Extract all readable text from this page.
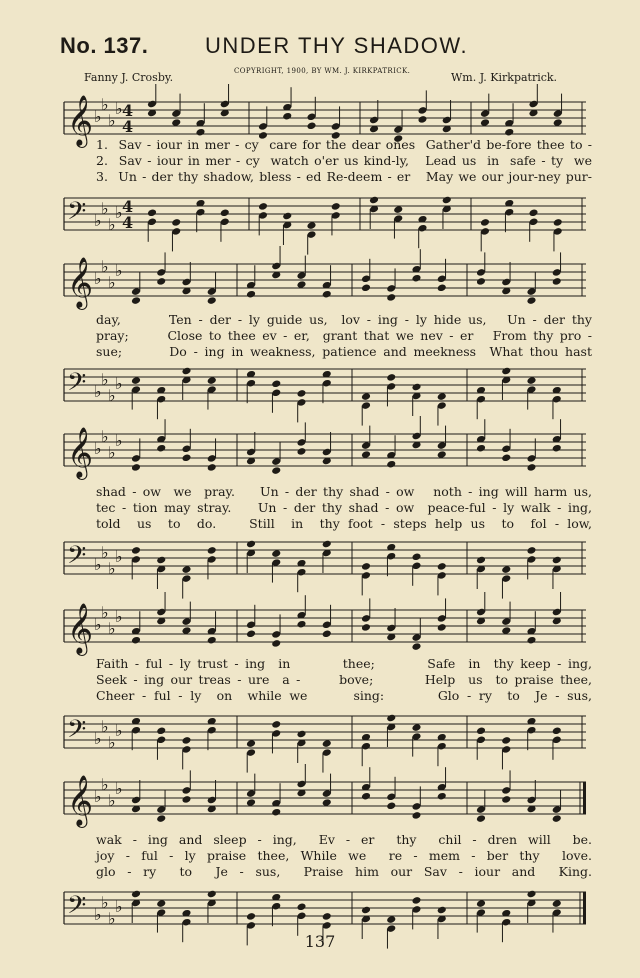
No. 137.	UNDER THY SHADOW.
Fanny J. Crosby.	COPYRIGHT, 1900, BY WM. J. KIRKPATRICK.	Wm. J. Kirkpatrick.
𝄞 ♭
♭
♭
♭ 4
4
1.  Sav - iour in mer - cy  care for the dear ones  Gather'd be-fore thee to -
2.  Sav - iour in mer - cy  watch o'er us kind-ly,   Lead us  in  safe - ty  we
3.  Un - der thy shadow, bless - ed Re-deem - er   May we our jour-ney pur-
𝄢 ♭
♭
♭
♭ 4
4
𝄞 ♭
♭
♭
♭
day,       Ten - der - ly guide us,  lov - ing - ly hide us,   Un - der thy
pray;      Close to thee ev - er,  grant that we nev - er   From thy pro -
sue;       Do - ing in weakness, patience and meekness  What thou hast
𝄢 ♭
♭
♭
♭
𝄞 ♭
♭
♭
♭
shad - ow  we  pray.    Un - der thy shad - ow   noth - ing will harm us,
tec - tion may stray.    Un - der thy shad - ow  peace-ful - ly walk - ing,
told  us  to  do.    Still  in  thy foot - steps help us  to  fol - low,
𝄢 ♭
♭
♭
♭
𝄞 ♭
♭
♭
♭
Faith - ful - ly trust - ing  in        thee;        Safe  in  thy keep - ing,
Seek - ing our treas - ure  a -      bove;        Help  us  to praise thee,
Cheer - ful - ly  on  while we      sing:       Glo - ry  to  Je - sus,
𝄢 ♭
♭
♭
♭
𝄞 ♭
♭
♭
♭
wak - ing and sleep - ing,  Ev - er  thy  chil - dren will  be.
joy - ful - ly praise thee, While we  re - mem - ber thy  love.
glo - ry  to  Je - sus,  Praise him our Sav - iour and  King.
𝄢 ♭
♭
♭
♭
137
